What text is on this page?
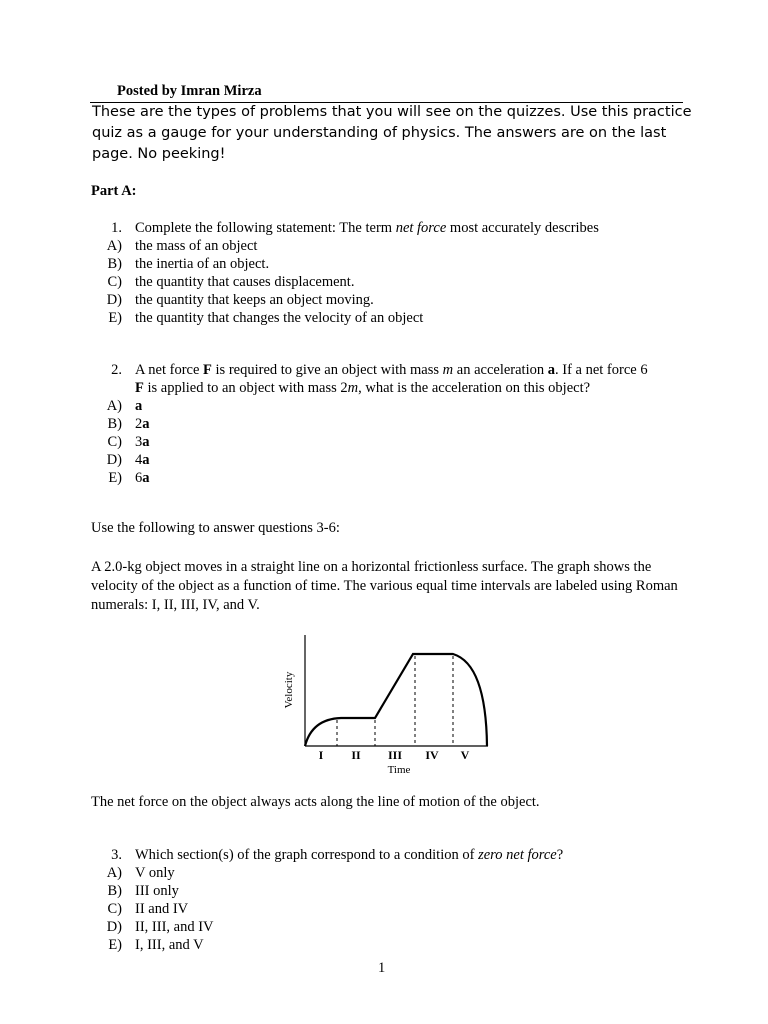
Posted by Imran Mirza
These are the types of problems that you will see on the quizzes. Use this practice quiz as a gauge for your understanding of physics. The answers are on the last page. No peeking!
Part A:
1. Complete the following statement: The term net force most accurately describes
A) the mass of an object
B) the inertia of an object.
C) the quantity that causes displacement.
D) the quantity that keeps an object moving.
E) the quantity that changes the velocity of an object
2. A net force F is required to give an object with mass m an acceleration a. If a net force 6
F is applied to an object with mass 2m, what is the acceleration on this object?
A) a
B) 2a
C) 3a
D) 4a
E) 6a
Use the following to answer questions 3-6:
A 2.0-kg object moves in a straight line on a horizontal frictionless surface. The graph shows the velocity of the object as a function of time. The various equal time intervals are labeled using Roman numerals: I, II, III, IV, and V.
Velocity
I II III IV V
Time
The net force on the object always acts along the line of motion of the object.
3. Which section(s) of the graph correspond to a condition of zero net force?
A) V only
B) III only
C) II and IV
D) II, III, and IV
E) I, III, and V
1
